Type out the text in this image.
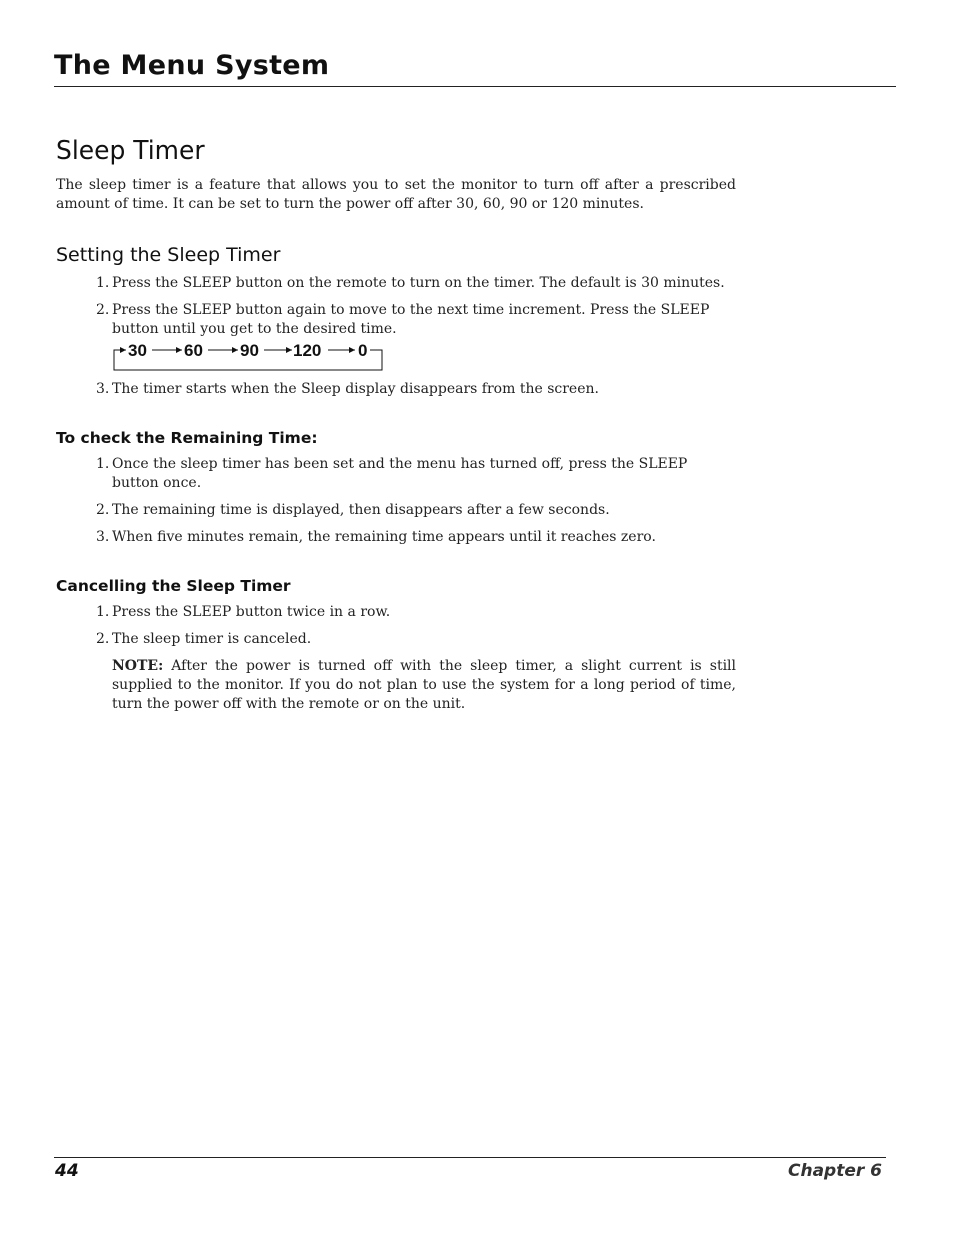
The Menu System
Sleep Timer

The sleep timer is a feature that allows you to set the monitor to turn off after a prescribed amount of time. It can be set to turn the power off after 30, 60, 90 or 120 minutes.

Setting the Sleep Timer
1. Press the SLEEP button on the remote to turn on the timer. The default is 30 minutes.
2. Press the SLEEP button again to move to the next time increment. Press the SLEEP button until you get to the desired time.
30 60 90 120 0
3. The timer starts when the Sleep display disappears from the screen.
To check the Remaining Time:
1. Once the sleep timer has been set and the menu has turned off, press the SLEEP button once.
2. The remaining time is displayed, then disappears after a few seconds.
3. When five minutes remain, the remaining time appears until it reaches zero.
Cancelling the Sleep Timer
1. Press the SLEEP button twice in a row.
2. The sleep timer is canceled.

NOTE: After the power is turned off with the sleep timer, a slight current is still supplied to the monitor. If you do not plan to use the system for a long period of time, turn the power off with the remote or on the unit.

44	Chapter 6
